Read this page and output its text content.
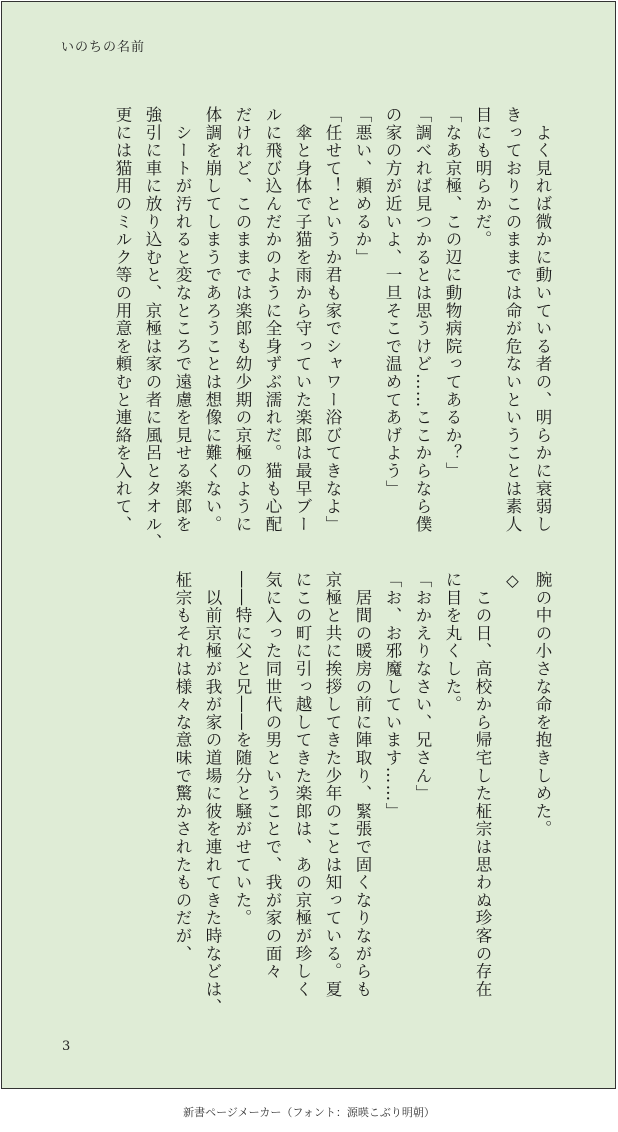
いのちの名前
　よく見れば微かに動いている者の、明らかに衰弱し
きっておりこのままでは命が危ないということは素人
目にも明らかだ。
「なあ京極、この辺に動物病院ってあるか？」
「調べれば見つかるとは思うけど……ここからなら僕
の家の方が近いよ、一旦そこで温めてあげよう」
「悪い、頼めるか」
「任せて！というか君も家でシャワー浴びてきなよ」
　傘と身体で子猫を雨から守っていた楽郎は最早ブー
ルに飛び込んだかのように全身ずぶ濡れだ。猫も心配
だけれど、このままでは楽郎も幼少期の京極のように
体調を崩してしまうであろうことは想像に難くない。
　シートが汚れると変なところで遠慮を見せる楽郎を
強引に車に放り込むと、京極は家の者に風呂とタオル、
更には猫用のミルク等の用意を頼むと連絡を入れて、
腕の中の小さな命を抱きしめた。
◇
　この日、高校から帰宅した柾宗は思わぬ珍客の存在
に目を丸くした。
「おかえりなさい、兄さん」
「お、お邪魔しています……」
　居間の暖房の前に陣取り、緊張で固くなりながらも
京極と共に挨拶してきた少年のことは知っている。夏
にこの町に引っ越してきた楽郎は、あの京極が珍しく
気に入った同世代の男ということで、我が家の面々
――特に父と兄――を随分と騒がせていた。
　以前京極が我が家の道場に彼を連れてきた時などは、
柾宗もそれは様々な意味で驚かされたものだが、
3
新書ページメーカー（フォント：源暎こぶり明朝）
